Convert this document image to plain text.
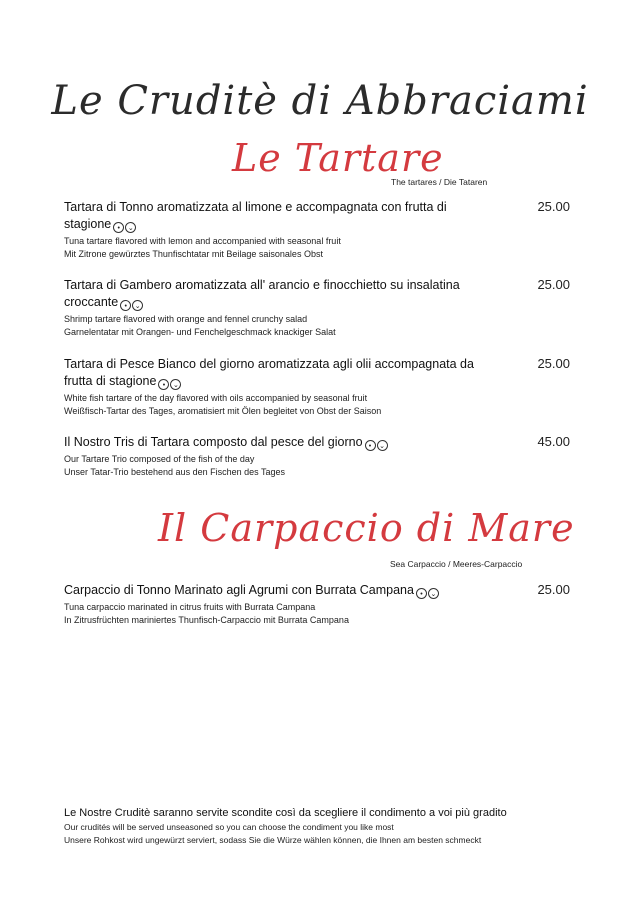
Le Cruditè di Abbraciami
Le Tartare
The tartares / Die Tataren
Tartara di Tonno aromatizzata al limone e accompagnata con frutta di stagione • ⌄
25.00
Tuna tartare flavored with lemon and accompanied with seasonal fruit
Mit Zitrone gewürztes Thunfischtatar mit Beilage saisonales Obst
Tartara di Gambero aromatizzata all' arancio e finocchietto su insalatina croccante • ⌄
25.00
Shrimp tartare flavored with orange and fennel crunchy salad
Garnelentatar mit Orangen- und Fenchelgeschmack knackiger Salat
Tartara di Pesce Bianco del giorno aromatizzata agli olii accompagnata da frutta di stagione • ⌄
25.00
White fish tartare of the day flavored with oils accompanied by seasonal fruit
Weißfisch-Tartar des Tages, aromatisiert mit Ölen begleitet von Obst der Saison
Il Nostro Tris di Tartara composto dal pesce del giorno • ⌄	45.00
Our Tartare Trio composed of the fish of the day
Unser Tatar-Trio bestehend aus den Fischen des Tages
Il Carpaccio di Mare
Sea Carpaccio / Meeres-Carpaccio
Carpaccio di Tonno Marinato agli Agrumi con Burrata Campana • ⌄	25.00
Tuna carpaccio marinated in citrus fruits with Burrata Campana
In Zitrusfrüchten mariniertes Thunfisch-Carpaccio mit Burrata Campana
Le Nostre Cruditè saranno servite scondite così da scegliere il condimento a voi più gradito
Our crudités will be served unseasoned so you can choose the condiment you like most
Unsere Rohkost wird ungewürzt serviert, sodass Sie die Würze wählen können, die Ihnen am besten schmeckt
